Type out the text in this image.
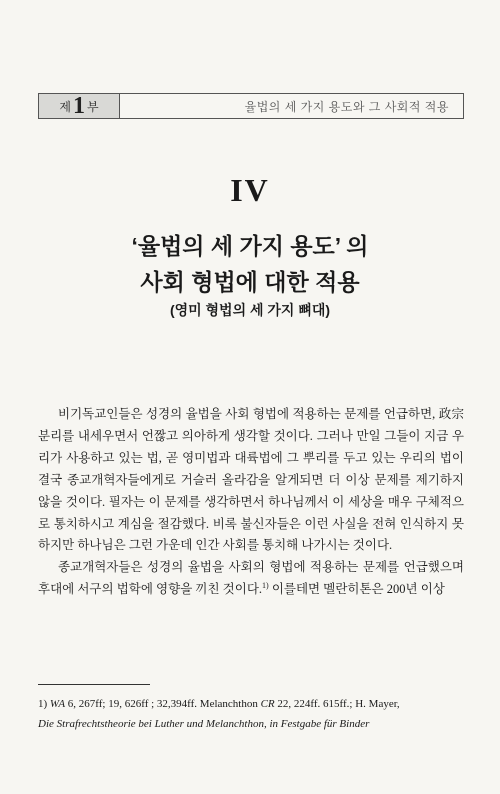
제 1 부	율법의 세 가지 용도와 그 사회적 적용
IV
‘율법의 세 가지 용도’ 의
사회 형법에 대한 적용
(영미 형법의 세 가지 뼈대)

비기독교인들은 성경의 율법을 사회 형법에 적용하는 문제를 언급하면, 政宗 분리를 내세우면서 언짢고 의아하게 생각할 것이다. 그러나 만일 그들이 지금 우리가 사용하고 있는 법, 곧 영미법과 대륙법에 그 뿌리를 두고 있는 우리의 법이 결국 종교개혁자들에게로 거슬러 올라감을 알게되면 더 이상 문제를 제기하지 않을 것이다. 필자는 이 문제를 생각하면서 하나님께서 이 세상을 매우 구체적으로 통치하시고 계심을 절감했다. 비록 불신자들은 이런 사실을 전혀 인식하지 못하지만 하나님은 그런 가운데 인간 사회를 통치해 나가시는 것이다.

종교개혁자들은 성경의 율법을 사회의 형법에 적용하는 문제를 언급했으며 후대에 서구의 법학에 영향을 끼친 것이다.$^{1)}$ 이를테면 멜란히톤은 200년 이상

1) WA 6, 267ff; 19, 626ff ; 32,394ff. Melanchthon CR 22, 224ff. 615ff.; H. Mayer,
Die Strafrechtstheorie bei Luther und Melanchthon, in Festgabe für Binder
